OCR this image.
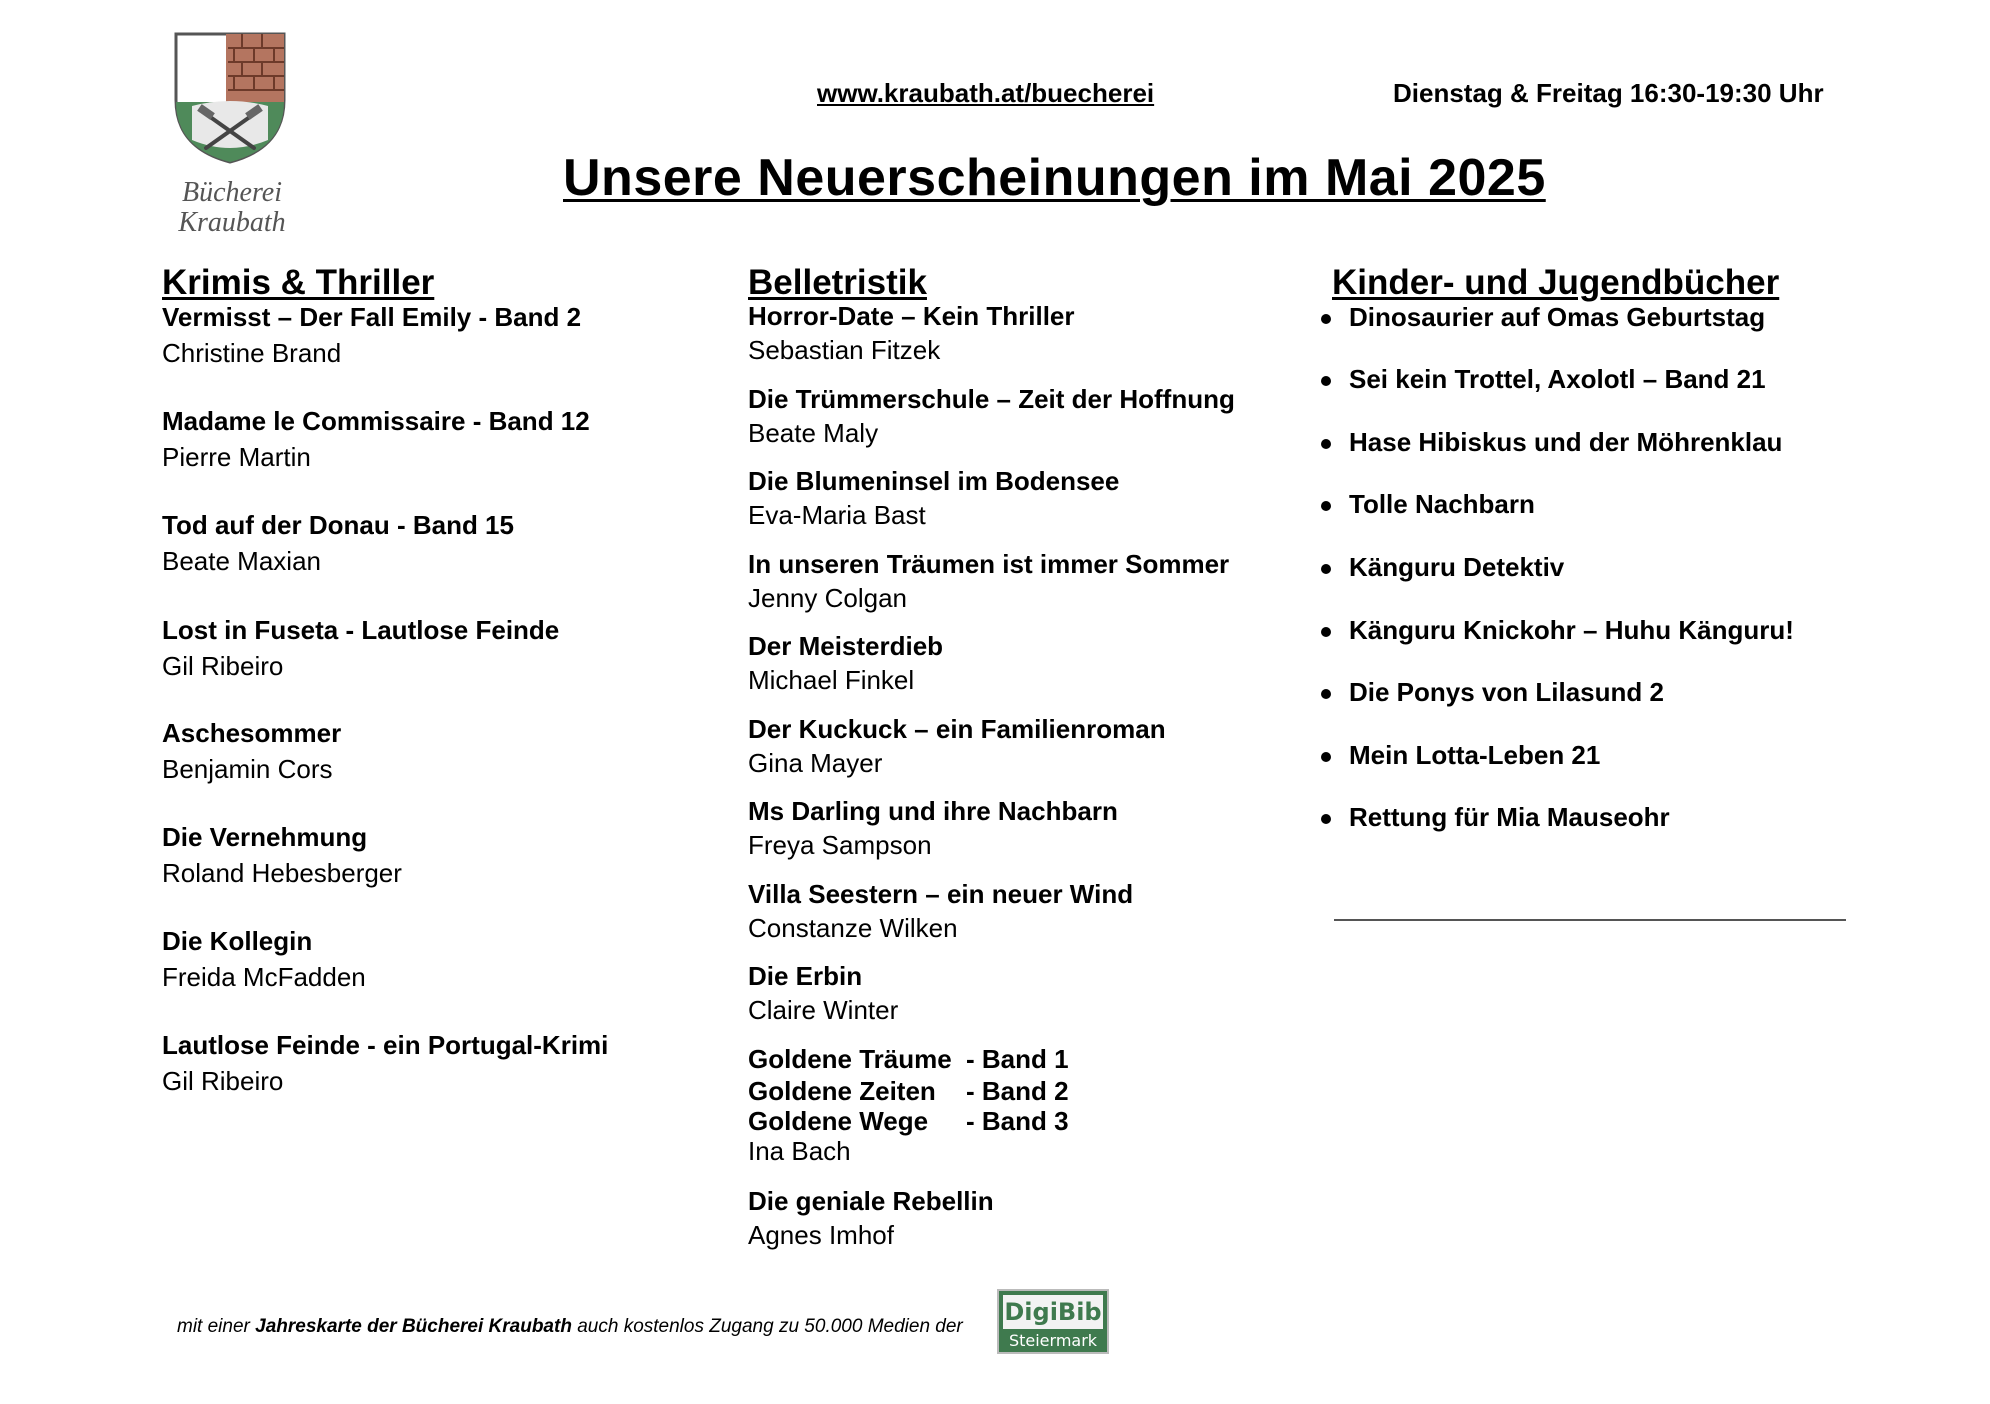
Bücherei
Kraubath
www.kraubath.at/buecherei	Dienstag & Freitag 16:30-19:30 Uhr
Unsere Neuerscheinungen im Mai 2025
Krimis & Thriller
Vermisst – Der Fall Emily - Band 2
Christine Brand
Madame le Commissaire - Band 12
Pierre Martin
Tod auf der Donau - Band 15
Beate Maxian
Lost in Fuseta - Lautlose Feinde
Gil Ribeiro
Aschesommer
Benjamin Cors
Die Vernehmung
Roland Hebesberger
Die Kollegin
Freida McFadden
Lautlose Feinde - ein Portugal-Krimi
Gil Ribeiro
Belletristik
Horror-Date – Kein Thriller
Sebastian Fitzek
Die Trümmerschule – Zeit der Hoffnung
Beate Maly
Die Blumeninsel im Bodensee
Eva-Maria Bast
In unseren Träumen ist immer Sommer
Jenny Colgan
Der Meisterdieb
Michael Finkel
Der Kuckuck – ein Familienroman
Gina Mayer
Ms Darling und ihre Nachbarn
Freya Sampson
Villa Seestern – ein neuer Wind
Constanze Wilken
Die Erbin
Claire Winter
Goldene Träume - Band 1
Goldene Zeiten - Band 2
Goldene Wege - Band 3
Ina Bach
Die geniale Rebellin
Agnes Imhof
Kinder- und Jugendbücher
Dinosaurier auf Omas Geburtstag
Sei kein Trottel, Axolotl – Band 21
Hase Hibiskus und der Möhrenklau
Tolle Nachbarn
Känguru Detektiv
Känguru Knickohr – Huhu Känguru!
Die Ponys von Lilasund 2
Mein Lotta-Leben 21
Rettung für Mia Mauseohr
mit einer Jahreskarte der Bücherei Kraubath auch kostenlos Zugang zu 50.000 Medien der
DigiBib
Steiermark
